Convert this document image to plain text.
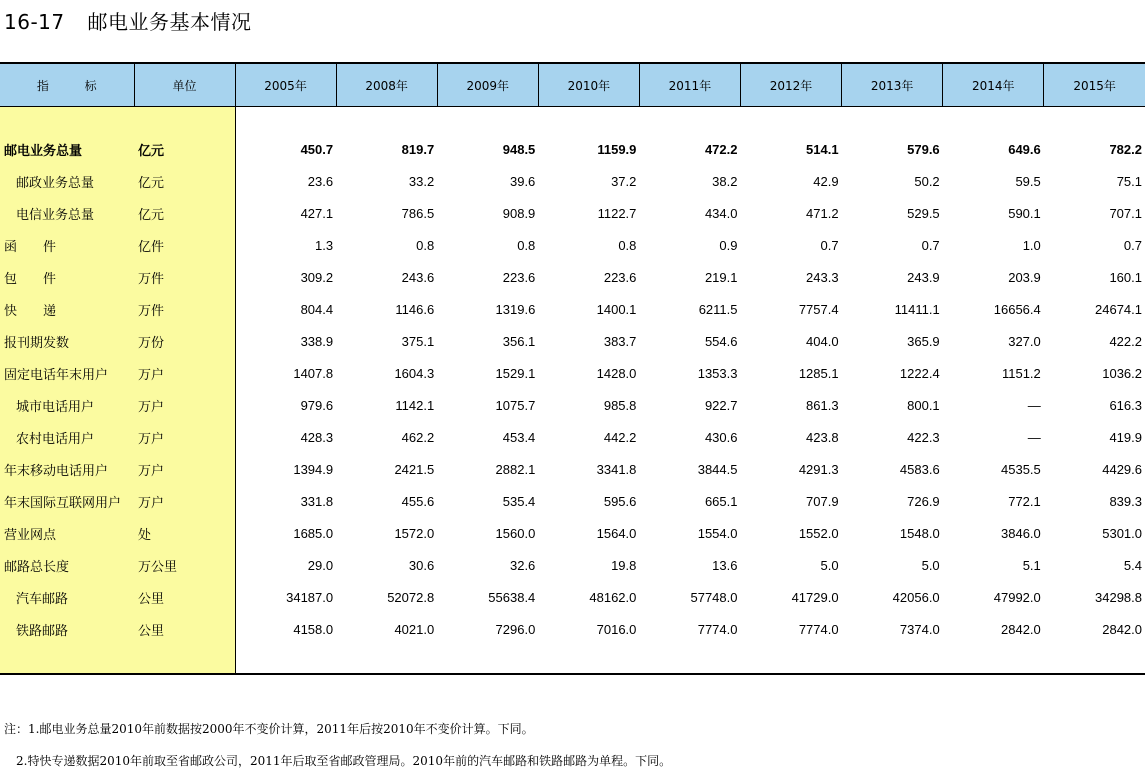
16-17 邮电业务基本情况
指 标	单位	2005年	2008年	2009年	2010年	2011年	2012年	2013年	2014年	2015年

邮电业务总量	亿元	450.7	819.7	948.5	1159.9	472.2	514.1	579.6	649.6	782.2
邮政业务总量	亿元	23.6	33.2	39.6	37.2	38.2	42.9	50.2	59.5	75.1
电信业务总量	亿元	427.1	786.5	908.9	1122.7	434.0	471.2	529.5	590.1	707.1
函　　件	亿件	1.3	0.8	0.8	0.8	0.9	0.7	0.7	1.0	0.7
包　　件	万件	309.2	243.6	223.6	223.6	219.1	243.3	243.9	203.9	160.1
快　　递	万件	804.4	1146.6	1319.6	1400.1	6211.5	7757.4	11411.1	16656.4	24674.1
报刊期发数	万份	338.9	375.1	356.1	383.7	554.6	404.0	365.9	327.0	422.2
固定电话年末用户	万户	1407.8	1604.3	1529.1	1428.0	1353.3	1285.1	1222.4	1151.2	1036.2
城市电话用户	万户	979.6	1142.1	1075.7	985.8	922.7	861.3	800.1	—	616.3
农村电话用户	万户	428.3	462.2	453.4	442.2	430.6	423.8	422.3	—	419.9
年末移动电话用户	万户	1394.9	2421.5	2882.1	3341.8	3844.5	4291.3	4583.6	4535.5	4429.6
年末国际互联网用户	万户	331.8	455.6	535.4	595.6	665.1	707.9	726.9	772.1	839.3
营业网点	处	1685.0	1572.0	1560.0	1564.0	1554.0	1552.0	1548.0	3846.0	5301.0
邮路总长度	万公里	29.0	30.6	32.6	19.8	13.6	5.0	5.0	5.1	5.4
汽车邮路	公里	34187.0	52072.8	55638.4	48162.0	57748.0	41729.0	42056.0	47992.0	34298.8
铁路邮路	公里	4158.0	4021.0	7296.0	7016.0	7774.0	7774.0	7374.0	2842.0	2842.0

注：1.邮电业务总量2010年前数据按2000年不变价计算，2011年后按2010年不变价计算。下同。
2.特快专递数据2010年前取至省邮政公司，2011年后取至省邮政管理局。2010年前的汽车邮路和铁路邮路为单程。下同。
